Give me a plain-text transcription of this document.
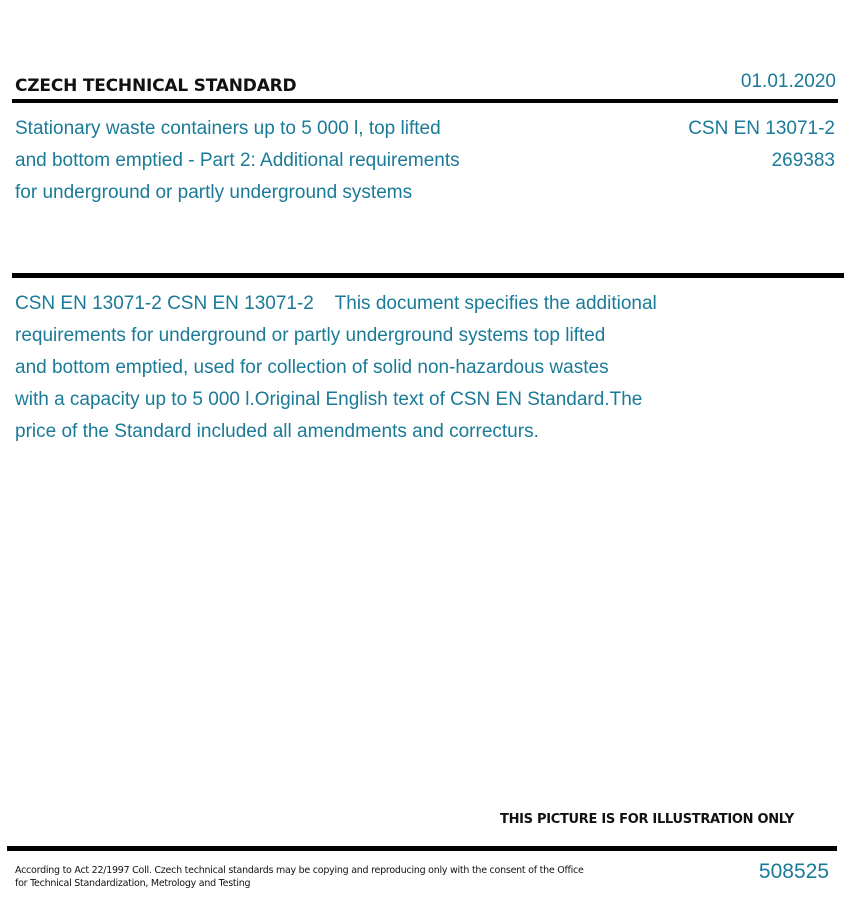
CZECH TECHNICAL STANDARD	01.01.2020
Stationary waste containers up to 5 000 l, top lifted
and bottom emptied - Part 2: Additional requirements
for underground or partly underground systems
CSN EN 13071-2
269383
CSN EN 13071-2 CSN EN 13071-2    This document specifies the additional
requirements for underground or partly underground systems top lifted
and bottom emptied, used for collection of solid non-hazardous wastes
with a capacity up to 5 000 l.Original English text of CSN EN Standard.The
price of the Standard included all amendments and correcturs.
THIS PICTURE IS FOR ILLUSTRATION ONLY
According to Act 22/1997 Coll. Czech technical standards may be copying and reproducing only with the consent of the Office
for Technical Standardization, Metrology and Testing
508525
